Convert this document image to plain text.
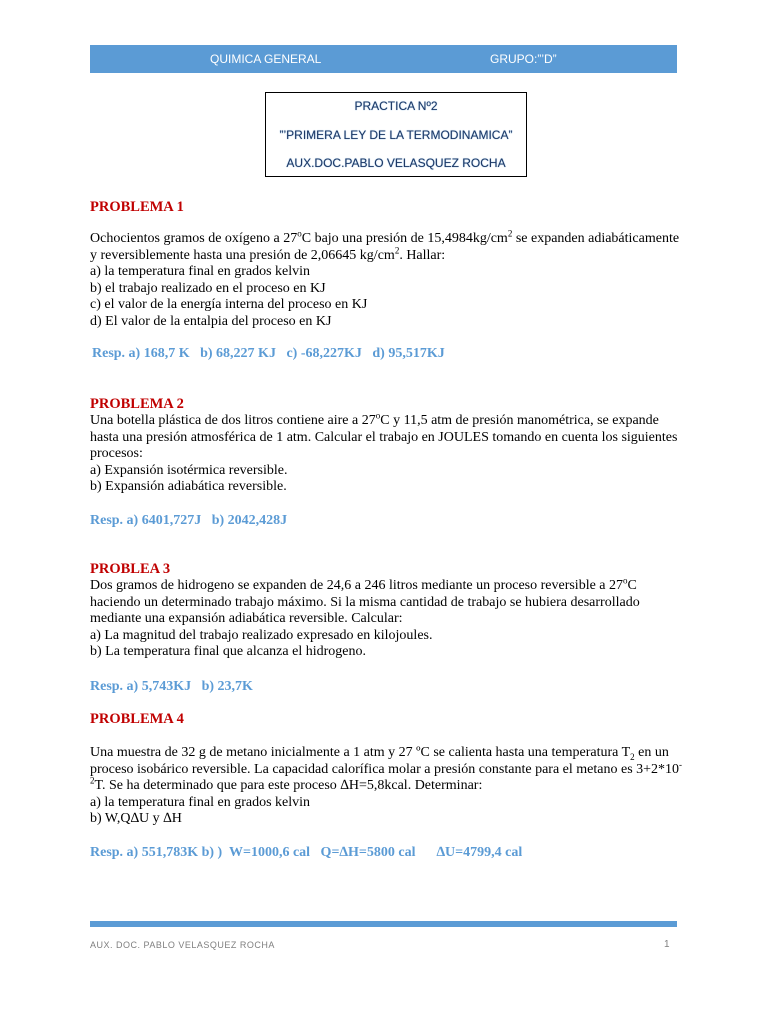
QUIMICA GENERAL	GRUPO:”’D”
PRACTICA Nº2
”’PRIMERA LEY DE LA TERMODINAMICA”
AUX.DOC.PABLO VELASQUEZ ROCHA
PROBLEMA 1
Ochocientos gramos de oxígeno a 27$^o$C bajo una presión de $15,4984kg/cm^2$ se expanden adiabáticamente
y reversiblemente hasta una presión de 2,06645 $kg/cm^2$. Hallar:
a) la temperatura final en grados kelvin
b) el trabajo realizado en el proceso en KJ
c) el valor de la energía interna del proceso en KJ
d) El valor de la entalpia del proceso en KJ
Resp. a) 168,7 K   b) 68,227 KJ   c) -68,227KJ   d) 95,517KJ
PROBLEMA 2
Una botella plástica de dos litros contiene aire a 27$^o$C y 11,5 atm de presión manométrica, se expande
hasta una presión atmosférica de 1 atm. Calcular el trabajo en JOULES tomando en cuenta los siguientes
procesos:
a) Expansión isotérmica reversible.
b) Expansión adiabática reversible.
Resp. a) 6401,727J   b) 2042,428J
PROBLEA 3
Dos gramos de hidrogeno se expanden de 24,6 a 246 litros mediante un proceso reversible a 27$^o$C
haciendo un determinado trabajo máximo. Si la misma cantidad de trabajo se hubiera desarrollado
mediante una expansión adiabática reversible. Calcular:
a) La magnitud del trabajo realizado expresado en kilojoules.
b) La temperatura final que alcanza el hidrogeno.
Resp. a) 5,743KJ   b) 23,7K
PROBLEMA 4
Una muestra de 32 g de metano inicialmente a 1 atm y 27 ºC se calienta hasta una temperatura $T_2$ en un
proceso isobárico reversible. La capacidad calorífica molar a presión constante para el metano es 3+2*10-
$^2$T. Se ha determinado que para este proceso ∆H=5,8kcal. Determinar:
a) la temperatura final en grados kelvin
b) W,Q∆U y ∆H
Resp. a) 551,783K b) )  W=1000,6 cal   Q=∆H=5800 cal      ∆U=4799,4 cal
AUX. DOC. PABLO VELASQUEZ ROCHA	1
